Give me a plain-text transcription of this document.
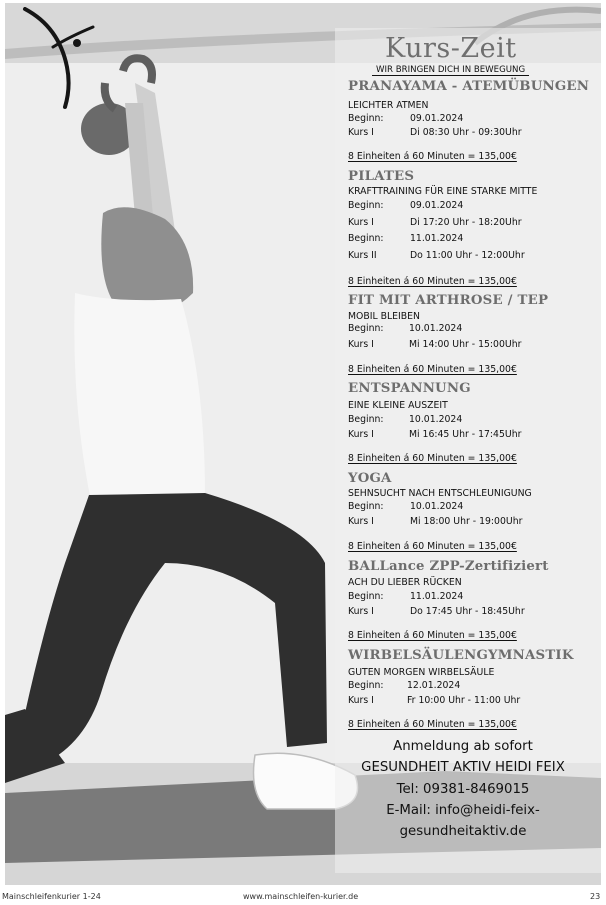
Kurs-Zeit
WIR BRINGEN DICH IN BEWEGUNG
PRANAYAMA - ATEMÜBUNGEN
LEICHTER ATMEN
Beginn:	09.01.2024
Kurs I	Di 08:30 Uhr - 09:30Uhr
8 Einheiten á 60 Minuten = 135,00€
PILATES
KRAFTTRAINING FÜR EINE STARKE MITTE
Beginn:	09.01.2024
Kurs I	Di 17:20 Uhr - 18:20Uhr
Beginn:	11.01.2024
Kurs II	Do 11:00 Uhr - 12:00Uhr
8 Einheiten á 60 Minuten = 135,00€
FIT MIT ARTHROSE / TEP
MOBIL BLEIBEN
Beginn:	10.01.2024
Kurs I	Mi 14:00 Uhr - 15:00Uhr
8 Einheiten á 60 Minuten = 135,00€
ENTSPANNUNG
EINE KLEINE AUSZEIT
Beginn:	10.01.2024
Kurs I	Mi 16:45 Uhr - 17:45Uhr
8 Einheiten á 60 Minuten = 135,00€
YOGA
SEHNSUCHT NACH ENTSCHLEUNIGUNG
Beginn:	10.01.2024
Kurs I	Mi 18:00 Uhr - 19:00Uhr
8 Einheiten á 60 Minuten = 135,00€
BALLance ZPP-Zertifiziert
ACH DU LIEBER RÜCKEN
Beginn:	11.01.2024
Kurs I	Do 17:45 Uhr - 18:45Uhr
8 Einheiten á 60 Minuten = 135,00€
WIRBELSÄULENGYMNASTIK
GUTEN MORGEN WIRBELSÄULE
Beginn:	12.01.2024
Kurs I	Fr 10:00 Uhr - 11:00 Uhr
8 Einheiten á 60 Minuten = 135,00€
Anmeldung ab sofort
GESUNDHEIT AKTIV HEIDI FEIX
Tel: 09381-8469015
E-Mail: info@heidi-feix-
gesundheitaktiv.de
Mainschleifenkurier 1-24	www.mainschleifen-kurier.de	23
